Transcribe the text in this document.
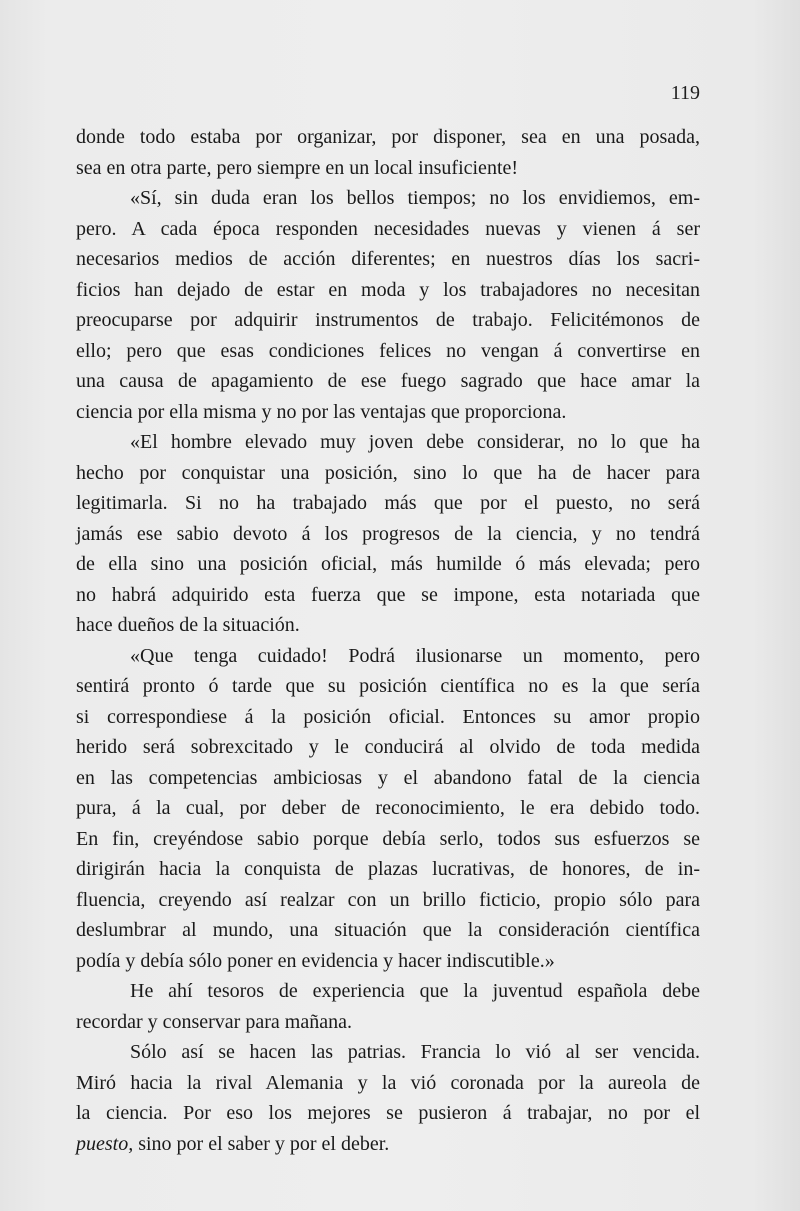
119
donde todo estaba por organizar, por disponer, sea en una posada,
sea en otra parte, pero siempre en un local insuficiente!
«Sí, sin duda eran los bellos tiempos; no los envidiemos, em-
pero. A cada época responden necesidades nuevas y vienen á ser
necesarios medios de acción diferentes; en nuestros días los sacri-
ficios han dejado de estar en moda y los trabajadores no necesitan
preocuparse por adquirir instrumentos de trabajo. Felicitémonos de
ello; pero que esas condiciones felices no vengan á convertirse en
una causa de apagamiento de ese fuego sagrado que hace amar la
ciencia por ella misma y no por las ventajas que proporciona.
«El hombre elevado muy joven debe considerar, no lo que ha
hecho por conquistar una posición, sino lo que ha de hacer para
legitimarla. Si no ha trabajado más que por el puesto, no será
jamás ese sabio devoto á los progresos de la ciencia, y no tendrá
de ella sino una posición oficial, más humilde ó más elevada; pero
no habrá adquirido esta fuerza que se impone, esta notariada que
hace dueños de la situación.
«Que tenga cuidado! Podrá ilusionarse un momento, pero
sentirá pronto ó tarde que su posición científica no es la que sería
si correspondiese á la posición oficial. Entonces su amor propio
herido será sobrexcitado y le conducirá al olvido de toda medida
en las competencias ambiciosas y el abandono fatal de la ciencia
pura, á la cual, por deber de reconocimiento, le era debido todo.
En fin, creyéndose sabio porque debía serlo, todos sus esfuerzos se
dirigirán hacia la conquista de plazas lucrativas, de honores, de in-
fluencia, creyendo así realzar con un brillo ficticio, propio sólo para
deslumbrar al mundo, una situación que la consideración científica
podía y debía sólo poner en evidencia y hacer indiscutible.»
He ahí tesoros de experiencia que la juventud española debe
recordar y conservar para mañana.
Sólo así se hacen las patrias. Francia lo vió al ser vencida.
Miró hacia la rival Alemania y la vió coronada por la aureola de
la ciencia. Por eso los mejores se pusieron á trabajar, no por el
puesto, sino por el saber y por el deber.
